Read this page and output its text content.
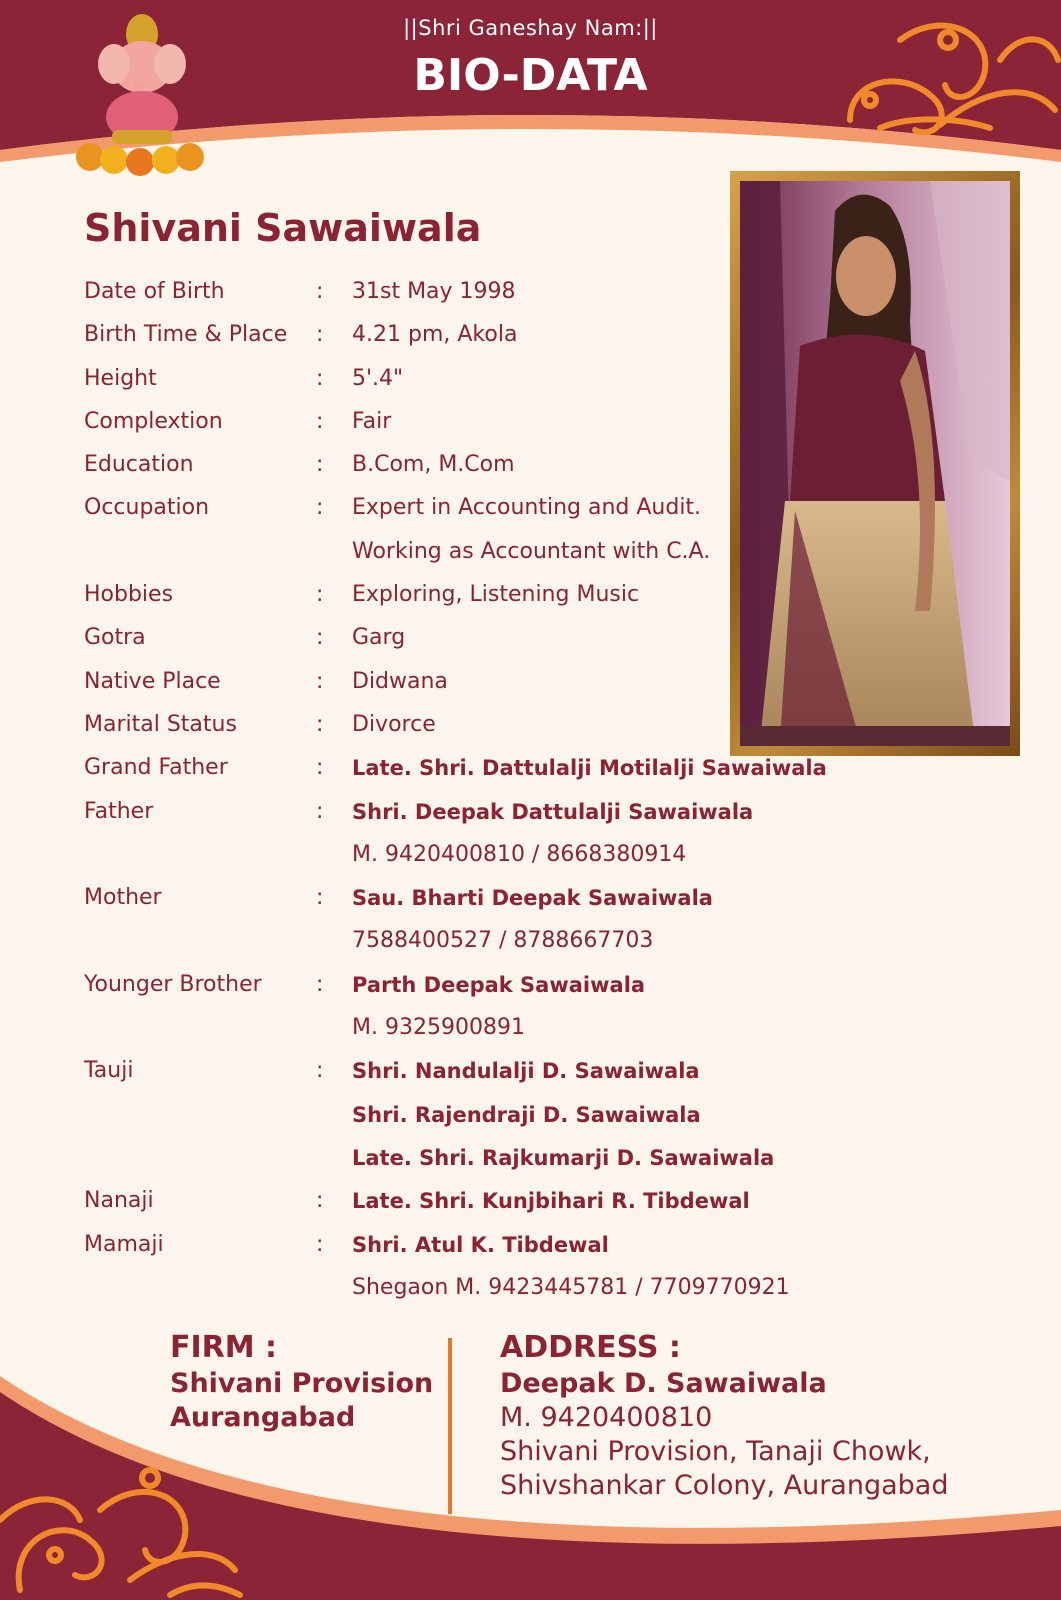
||Shri Ganeshay Nam:||
BIO-DATA
Shivani Sawaiwala
Date of Birth	: 31st May 1998
Birth Time & Place : 4.21 pm, Akola
Height	: 5'.4"
Complextion	: Fair
Education	: B.Com, M.Com
Occupation	: Expert in Accounting and Audit.
Working as Accountant with C.A.
Hobbies	: Exploring, Listening Music
Gotra	: Garg
Native Place	: Didwana
Marital Status	: Divorce
Grand Father	: Late. Shri. Dattulalji Motilalji Sawaiwala
Father	: Shri. Deepak Dattulalji Sawaiwala
M. 9420400810 / 8668380914
Mother	: Sau. Bharti Deepak Sawaiwala
7588400527 / 8788667703
Younger Brother : Parth Deepak Sawaiwala
M. 9325900891
Tauji	: Shri. Nandulalji D. Sawaiwala
Shri. Rajendraji D. Sawaiwala
Late. Shri. Rajkumarji D. Sawaiwala
Nanaji	: Late. Shri. Kunjbihari R. Tibdewal
Mamaji	: Shri. Atul K. Tibdewal
Shegaon M. 9423445781 / 7709770921
FIRM :
Shivani Provision
Aurangabad
ADDRESS :
Deepak D. Sawaiwala
M. 9420400810
Shivani Provision, Tanaji Chowk,
Shivshankar Colony, Aurangabad
